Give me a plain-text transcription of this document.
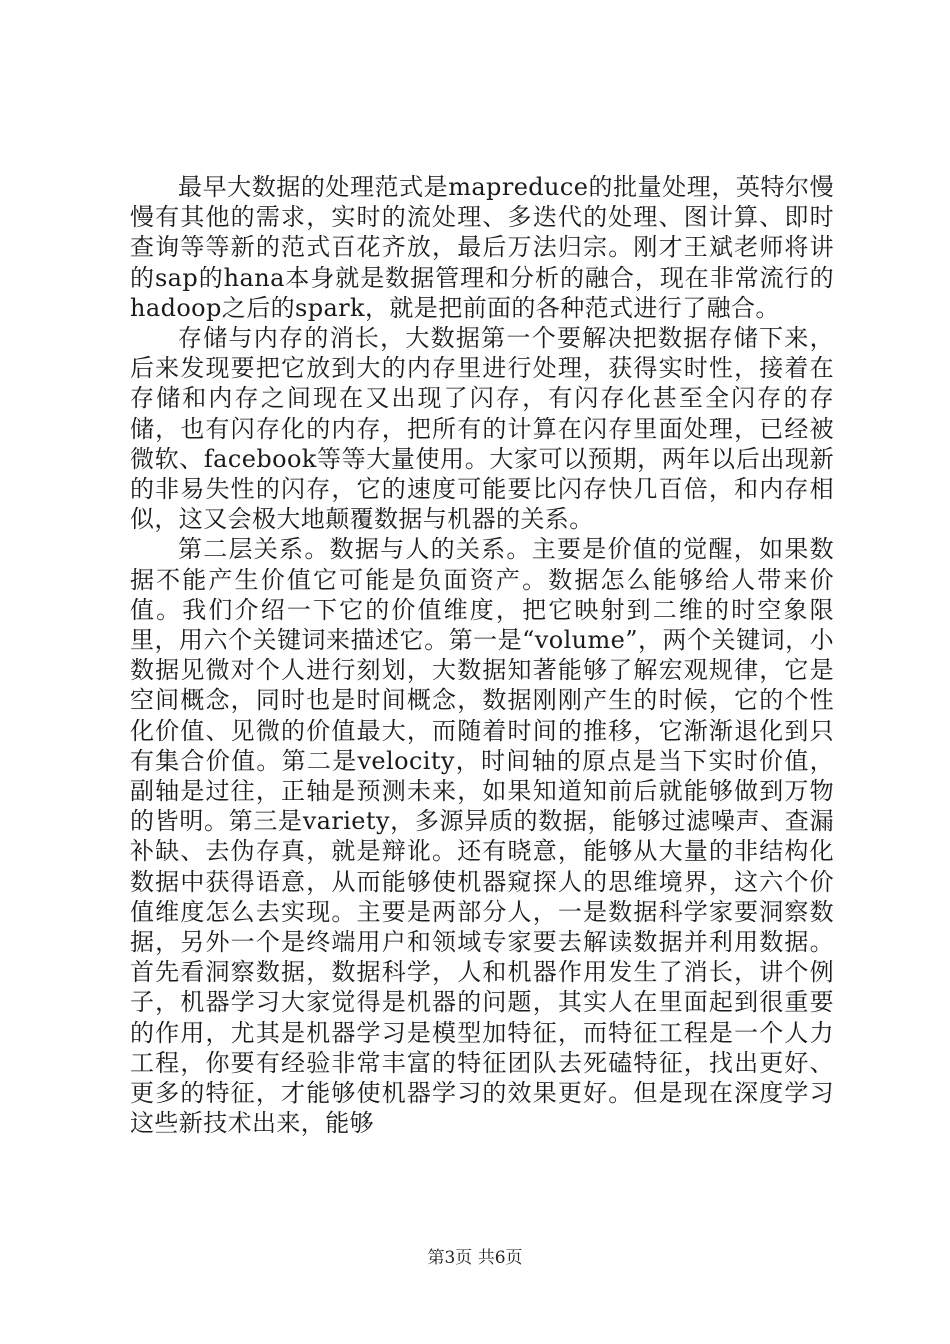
最早大数据的处理范式是mapreduce的批量处理，英特尔慢慢有其他的需求，实时的流处理、多迭代的处理、图计算、即时查询等等新的范式百花齐放，最后万法归宗。刚才王斌老师将讲的sap的hana本身就是数据管理和分析的融合，现在非常流行的hadoop之后的spark，就是把前面的各种范式进行了融合。

存储与内存的消长，大数据第一个要解决把数据存储下来，后来发现要把它放到大的内存里进行处理，获得实时性，接着在存储和内存之间现在又出现了闪存，有闪存化甚至全闪存的存储，也有闪存化的内存，把所有的计算在闪存里面处理，已经被微软、facebook等等大量使用。大家可以预期，两年以后出现新的非易失性的闪存，它的速度可能要比闪存快几百倍，和内存相似，这又会极大地颠覆数据与机器的关系。

第二层关系。数据与人的关系。主要是价值的觉醒，如果数据不能产生价值它可能是负面资产。数据怎么能够给人带来价值。我们介绍一下它的价值维度，把它映射到二维的时空象限里，用六个关键词来描述它。第一是“volume”，两个关键词，小数据见微对个人进行刻划，大数据知著能够了解宏观规律，它是空间概念，同时也是时间概念，数据刚刚产生的时候，它的个性化价值、见微的价值最大，而随着时间的推移，它渐渐退化到只有集合价值。第二是velocity，时间轴的原点是当下实时价值，副轴是过往，正轴是预测未来，如果知道知前后就能够做到万物的皆明。第三是variety，多源异质的数据，能够过滤噪声、查漏补缺、去伪存真，就是辩讹。还有晓意，能够从大量的非结构化数据中获得语意，从而能够使机器窥探人的思维境界，这六个价值维度怎么去实现。主要是两部分人，一是数据科学家要洞察数据，另外一个是终端用户和领域专家要去解读数据并利用数据。首先看洞察数据，数据科学，人和机器作用发生了消长，讲个例子，机器学习大家觉得是机器的问题，其实人在里面起到很重要的作用，尤其是机器学习是模型加特征，而特征工程是一个人力工程，你要有经验非常丰富的特征团队去死磕特征，找出更好、更多的特征，才能够使机器学习的效果更好。但是现在深度学习这些新技术出来，能够

第3页 共6页
